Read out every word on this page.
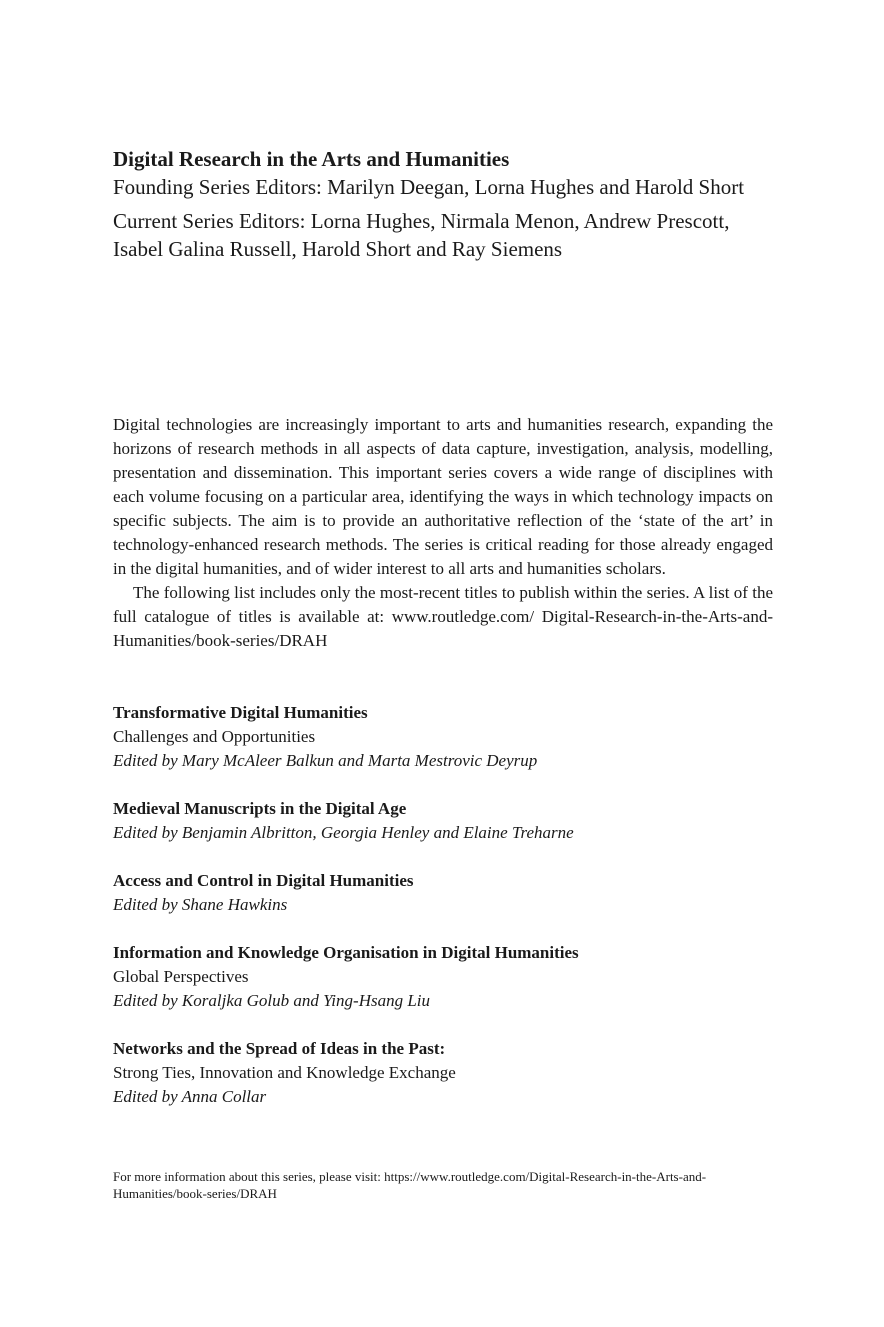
Digital Research in the Arts and Humanities

Founding Series Editors: Marilyn Deegan, Lorna Hughes and Harold Short

Current Series Editors: Lorna Hughes, Nirmala Menon, Andrew Prescott, Isabel Galina Russell, Harold Short and Ray Siemens

Digital technologies are increasingly important to arts and humanities research, expanding the horizons of research methods in all aspects of data capture, investigation, analysis, modelling, presentation and dissemination. This important series covers a wide range of disciplines with each volume focusing on a particular area, identifying the ways in which technology impacts on specific subjects. The aim is to provide an authoritative reflection of the ‘state of the art’ in technology-enhanced research methods. The series is critical reading for those already engaged in the digital humanities, and of wider interest to all arts and humanities scholars.

The following list includes only the most-recent titles to publish within the series. A list of the full catalogue of titles is available at: www.routledge.com/ Digital-Research-in-the-Arts-and-Humanities/book-series/DRAH

Transformative Digital Humanities
Challenges and Opportunities
Edited by Mary McAleer Balkun and Marta Mestrovic Deyrup
Medieval Manuscripts in the Digital Age
Edited by Benjamin Albritton, Georgia Henley and Elaine Treharne
Access and Control in Digital Humanities
Edited by Shane Hawkins
Information and Knowledge Organisation in Digital Humanities
Global Perspectives
Edited by Koraljka Golub and Ying-Hsang Liu
Networks and the Spread of Ideas in the Past:
Strong Ties, Innovation and Knowledge Exchange
Edited by Anna Collar
For more information about this series, please visit: https://www.routledge.com/Digital-Research-in-the-Arts-and-Humanities/book-series/DRAH
